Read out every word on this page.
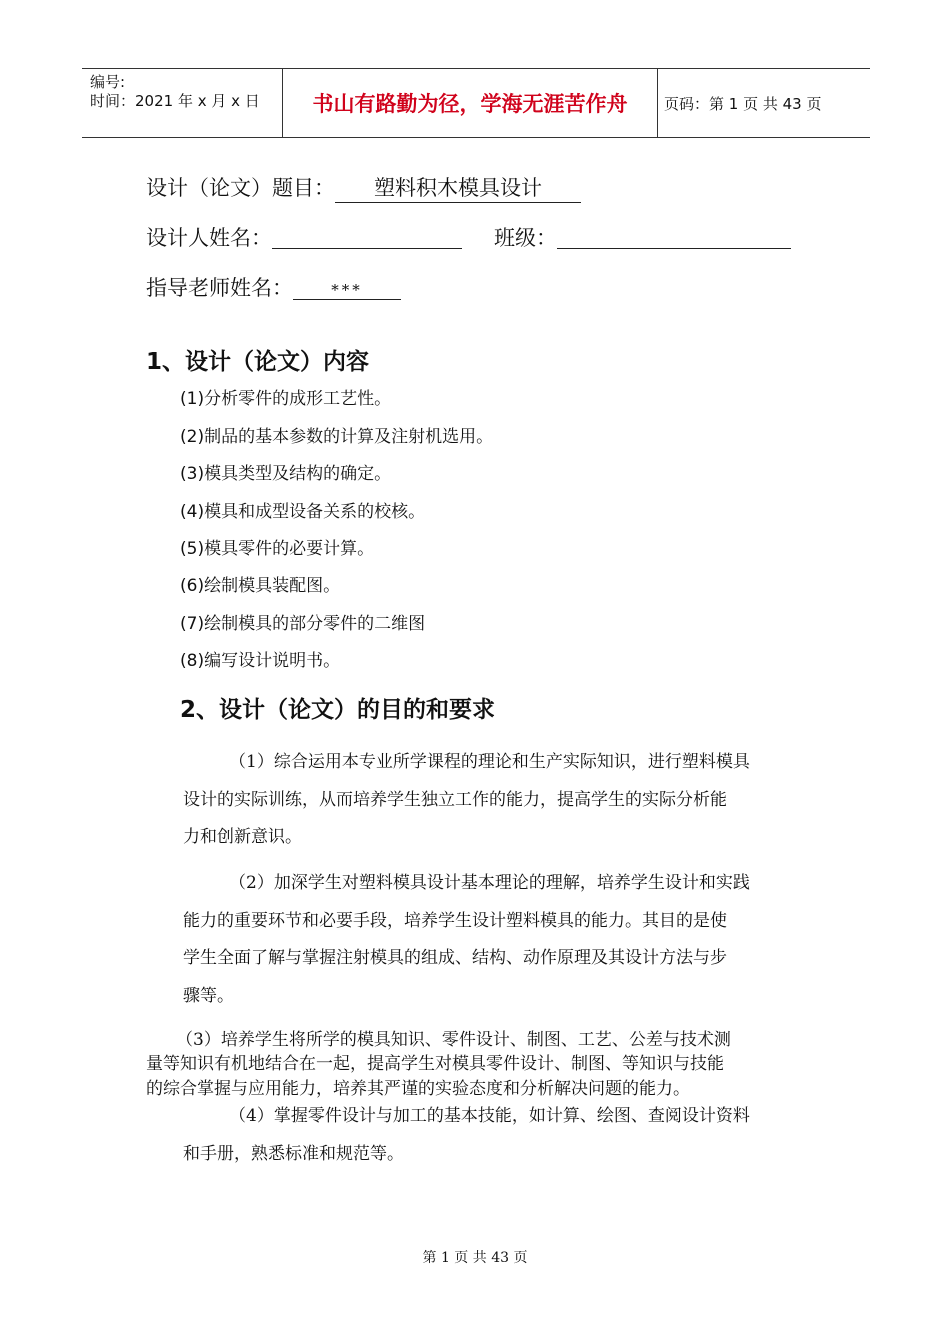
编号:
时间：2021 年 x 月 x 日	书山有路勤为径，学海无涯苦作舟	页码：第 1 页 共 43 页
设计（论文）题目： 塑料积木模具设计
设计人姓名：	班级：
指导老师姓名：	***
1、设计（论文）内容
(1)分析零件的成形工艺性。
(2)制品的基本参数的计算及注射机选用。
(3)模具类型及结构的确定。
(4)模具和成型设备关系的校核。
(5)模具零件的必要计算。
(6)绘制模具装配图。
(7)绘制模具的部分零件的二维图
(8)编写设计说明书。
2、设计（论文）的目的和要求
（1）综合运用本专业所学课程的理论和生产实际知识，进行塑料模具
设计的实际训练，从而培养学生独立工作的能力，提高学生的实际分析能
力和创新意识。
（2）加深学生对塑料模具设计基本理论的理解，培养学生设计和实践
能力的重要环节和必要手段，培养学生设计塑料模具的能力。其目的是使
学生全面了解与掌握注射模具的组成、结构、动作原理及其设计方法与步
骤等。
（3）培养学生将所学的模具知识、零件设计、制图、工艺、公差与技术测
量等知识有机地结合在一起，提高学生对模具零件设计、制图、等知识与技能
的综合掌握与应用能力，培养其严谨的实验态度和分析解决问题的能力。
（4）掌握零件设计与加工的基本技能，如计算、绘图、查阅设计资料
和手册，熟悉标准和规范等。
第 1 页 共 43 页
